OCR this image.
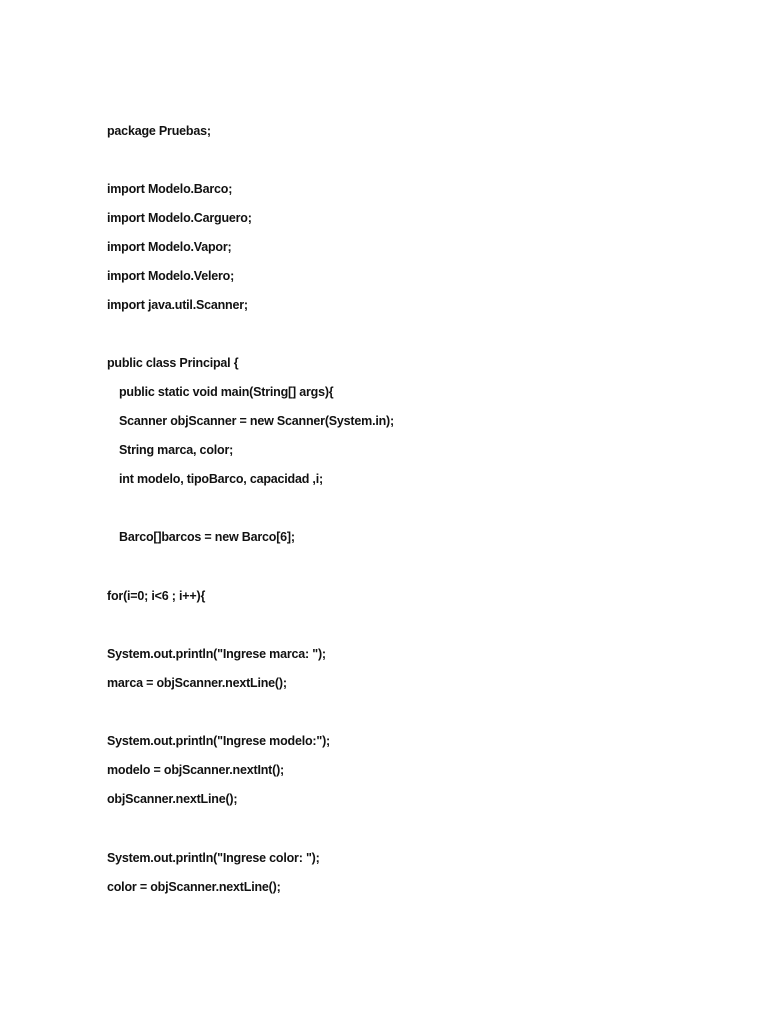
package Pruebas;

import Modelo.Barco;

import Modelo.Carguero;

import Modelo.Vapor;

import Modelo.Velero;

import java.util.Scanner;

public class Principal {

public static void main(String[] args){

Scanner objScanner = new Scanner(System.in);

String marca, color;

int modelo, tipoBarco, capacidad ,i;

Barco[]barcos = new Barco[6];

for(i=0; i<6 ; i++){

System.out.println("Ingrese marca: ");

marca = objScanner.nextLine();

System.out.println("Ingrese modelo:");

modelo = objScanner.nextInt();

objScanner.nextLine();

System.out.println("Ingrese color: ");

color = objScanner.nextLine();
